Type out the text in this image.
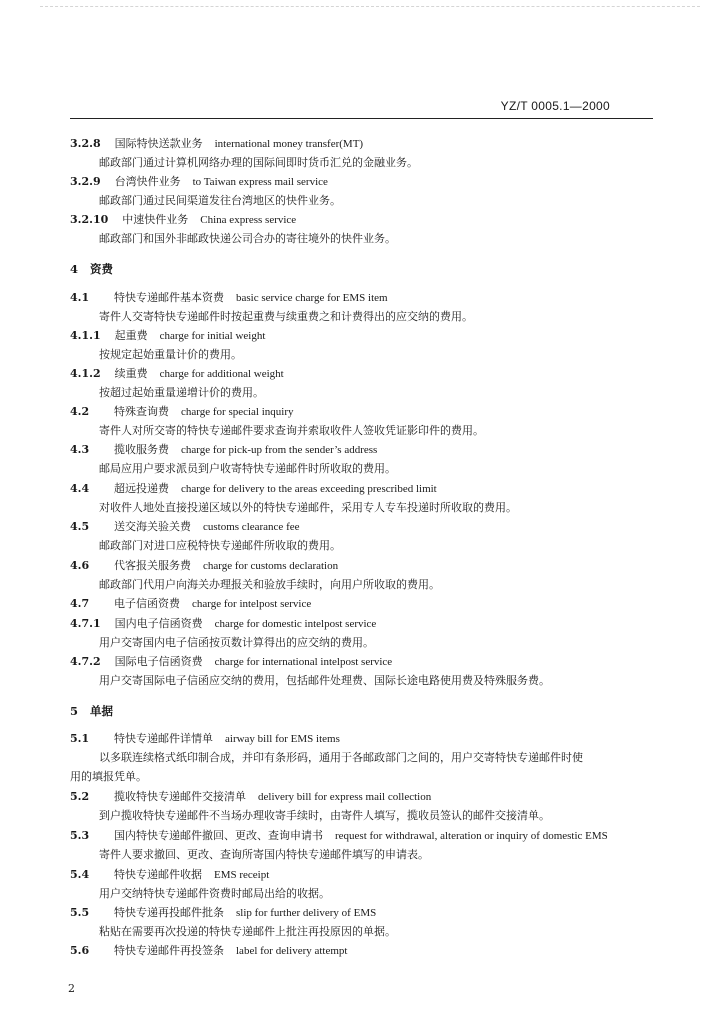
YZ/T 0005.1—2000
3.2.8 国际特快送款业务 international money transfer(MT)
邮政部门通过计算机网络办理的国际间即时货币汇兑的金融业务。
3.2.9 台湾快件业务 to Taiwan express mail service
邮政部门通过民间渠道发往台湾地区的快件业务。
3.2.10 中速快件业务 China express service
邮政部门和国外非邮政快递公司合办的寄往境外的快件业务。
4 资费
4.1 特快专递邮件基本资费 basic service charge for EMS item
寄件人交寄特快专递邮件时按起重费与续重费之和计费得出的应交纳的费用。
4.1.1 起重费 charge for initial weight
按规定起始重量计价的费用。
4.1.2 续重费 charge for additional weight
按超过起始重量递增计价的费用。
4.2 特殊查询费 charge for special inquiry
寄件人对所交寄的特快专递邮件要求查询并索取收件人签收凭证影印件的费用。
4.3 揽收服务费 charge for pick-up from the sender’s address
邮局应用户要求派员到户收寄特快专递邮件时所收取的费用。
4.4 超远投递费 charge for delivery to the areas exceeding prescribed limit
对收件人地处直接投递区域以外的特快专递邮件，采用专人专车投递时所收取的费用。
4.5 送交海关验关费 customs clearance fee
邮政部门对进口应税特快专递邮件所收取的费用。
4.6 代客报关服务费 charge for customs declaration
邮政部门代用户向海关办理报关和验放手续时，向用户所收取的费用。
4.7 电子信函资费 charge for intelpost service
4.7.1 国内电子信函资费 charge for domestic intelpost service
用户交寄国内电子信函按页数计算得出的应交纳的费用。
4.7.2 国际电子信函资费 charge for international intelpost service
用户交寄国际电子信函应交纳的费用，包括邮件处理费、国际长途电路使用费及特殊服务费。
5 单据
5.1 特快专递邮件详情单 airway bill for EMS items
以多联连续格式纸印制合成，并印有条形码，通用于各邮政部门之间的，用户交寄特快专递邮件时使
用的填报凭单。
5.2 揽收特快专递邮件交接清单 delivery bill for express mail collection
到户揽收特快专递邮件不当场办理收寄手续时，由寄件人填写，揽收员签认的邮件交接清单。
5.3 国内特快专递邮件撤回、更改、查询申请书 request for withdrawal, alteration or inquiry of domestic EMS
寄件人要求撤回、更改、查询所寄国内特快专递邮件填写的申请表。
5.4 特快专递邮件收据 EMS receipt
用户交纳特快专递邮件资费时邮局出给的收据。
5.5 特快专递再投邮件批条 slip for further delivery of EMS
粘贴在需要再次投递的特快专递邮件上批注再投原因的单据。
5.6 特快专递邮件再投签条 label for delivery attempt
2
